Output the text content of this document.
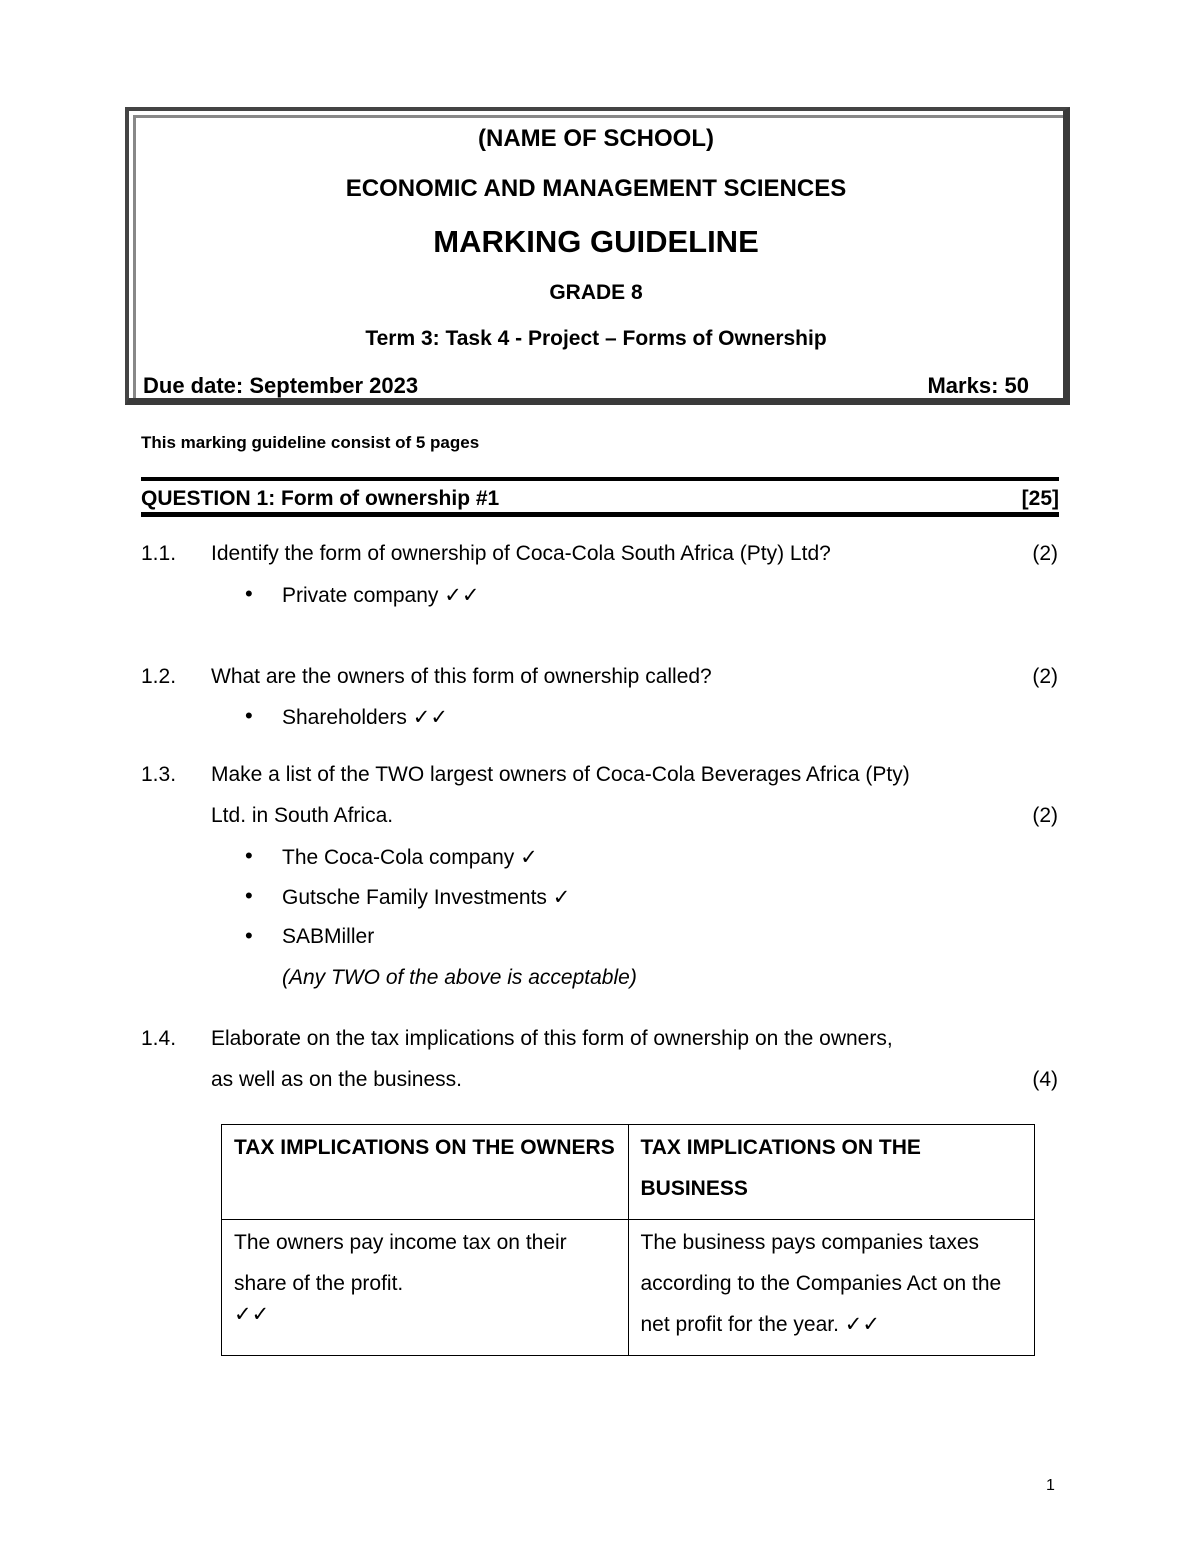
(NAME OF SCHOOL)
ECONOMIC AND MANAGEMENT SCIENCES
MARKING GUIDELINE
GRADE 8
Term 3: Task 4 - Project – Forms of Ownership
Due date: September 2023	Marks: 50
This marking guideline consist of 5 pages
QUESTION 1: Form of ownership #1	[25]
1.1. Identify the form of ownership of Coca-Cola South Africa (Pty) Ltd?	(2)
Private company ✓✓
1.2. What are the owners of this form of ownership called?	(2)
Shareholders ✓✓
1.3. Make a list of the TWO largest owners of Coca-Cola Beverages Africa (Pty)
Ltd. in South Africa.	(2)
The Coca-Cola company ✓
Gutsche Family Investments ✓
SABMiller
(Any TWO of the above is acceptable)
1.4. Elaborate on the tax implications of this form of ownership on the owners,
as well as on the business.	(4)
TAX IMPLICATIONS ON THE OWNERS	TAX IMPLICATIONS ON THE BUSINESS
The owners pay income tax on their share of the profit.
✓✓	The business pays companies taxes according to the Companies Act on the net profit for the year. ✓✓
1
